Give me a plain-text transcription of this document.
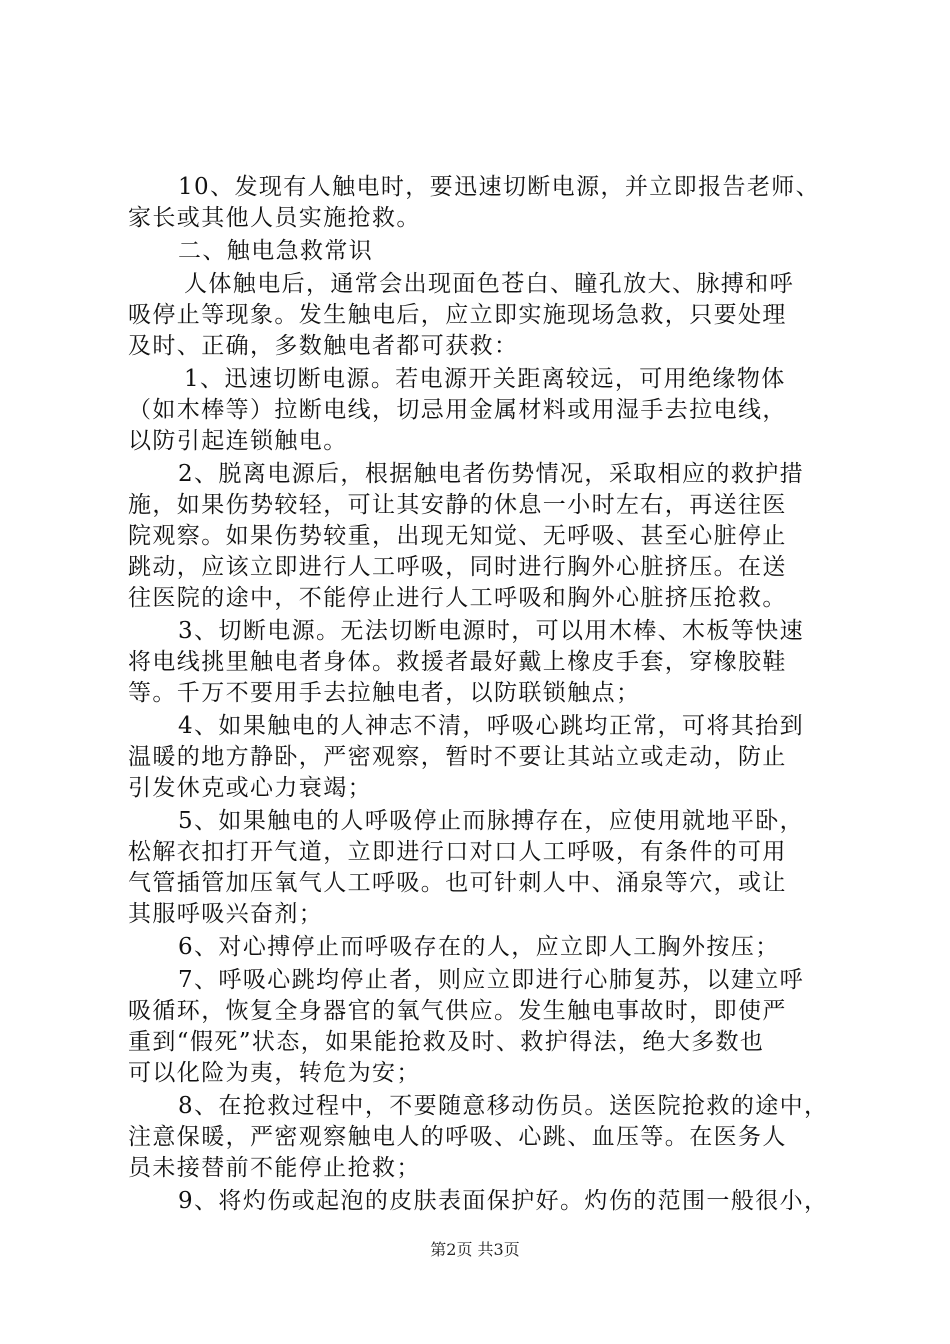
10、发现有人触电时，要迅速切断电源，并立即报告老师、
家长或其他人员实施抢救。
二、触电急救常识
人体触电后，通常会出现面色苍白、瞳孔放大、脉搏和呼
吸停止等现象。发生触电后，应立即实施现场急救，只要处理
及时、正确，多数触电者都可获救：
1、迅速切断电源。若电源开关距离较远，可用绝缘物体
（如木棒等）拉断电线，切忌用金属材料或用湿手去拉电线，
以防引起连锁触电。
2、脱离电源后，根据触电者伤势情况，采取相应的救护措
施，如果伤势较轻，可让其安静的休息一小时左右，再送往医
院观察。如果伤势较重，出现无知觉、无呼吸、甚至心脏停止
跳动，应该立即进行人工呼吸，同时进行胸外心脏挤压。在送
往医院的途中，不能停止进行人工呼吸和胸外心脏挤压抢救。
3、切断电源。无法切断电源时，可以用木棒、木板等快速
将电线挑里触电者身体。救援者最好戴上橡皮手套，穿橡胶鞋
等。千万不要用手去拉触电者，以防联锁触点；
4、如果触电的人神志不清，呼吸心跳均正常，可将其抬到
温暖的地方静卧，严密观察，暂时不要让其站立或走动，防止
引发休克或心力衰竭；
5、如果触电的人呼吸停止而脉搏存在，应使用就地平卧，
松解衣扣打开气道，立即进行口对口人工呼吸，有条件的可用
气管插管加压氧气人工呼吸。也可针刺人中、涌泉等穴，或让
其服呼吸兴奋剂；
6、对心搏停止而呼吸存在的人，应立即人工胸外按压；
7、呼吸心跳均停止者，则应立即进行心肺复苏，以建立呼
吸循环，恢复全身器官的氧气供应。发生触电事故时，即使严
重到“假死”状态，如果能抢救及时、救护得法，绝大多数也
可以化险为夷，转危为安；
8、在抢救过程中，不要随意移动伤员。送医院抢救的途中，
注意保暖，严密观察触电人的呼吸、心跳、血压等。在医务人
员未接替前不能停止抢救；
9、将灼伤或起泡的皮肤表面保护好。灼伤的范围一般很小，
第2页 共3页
